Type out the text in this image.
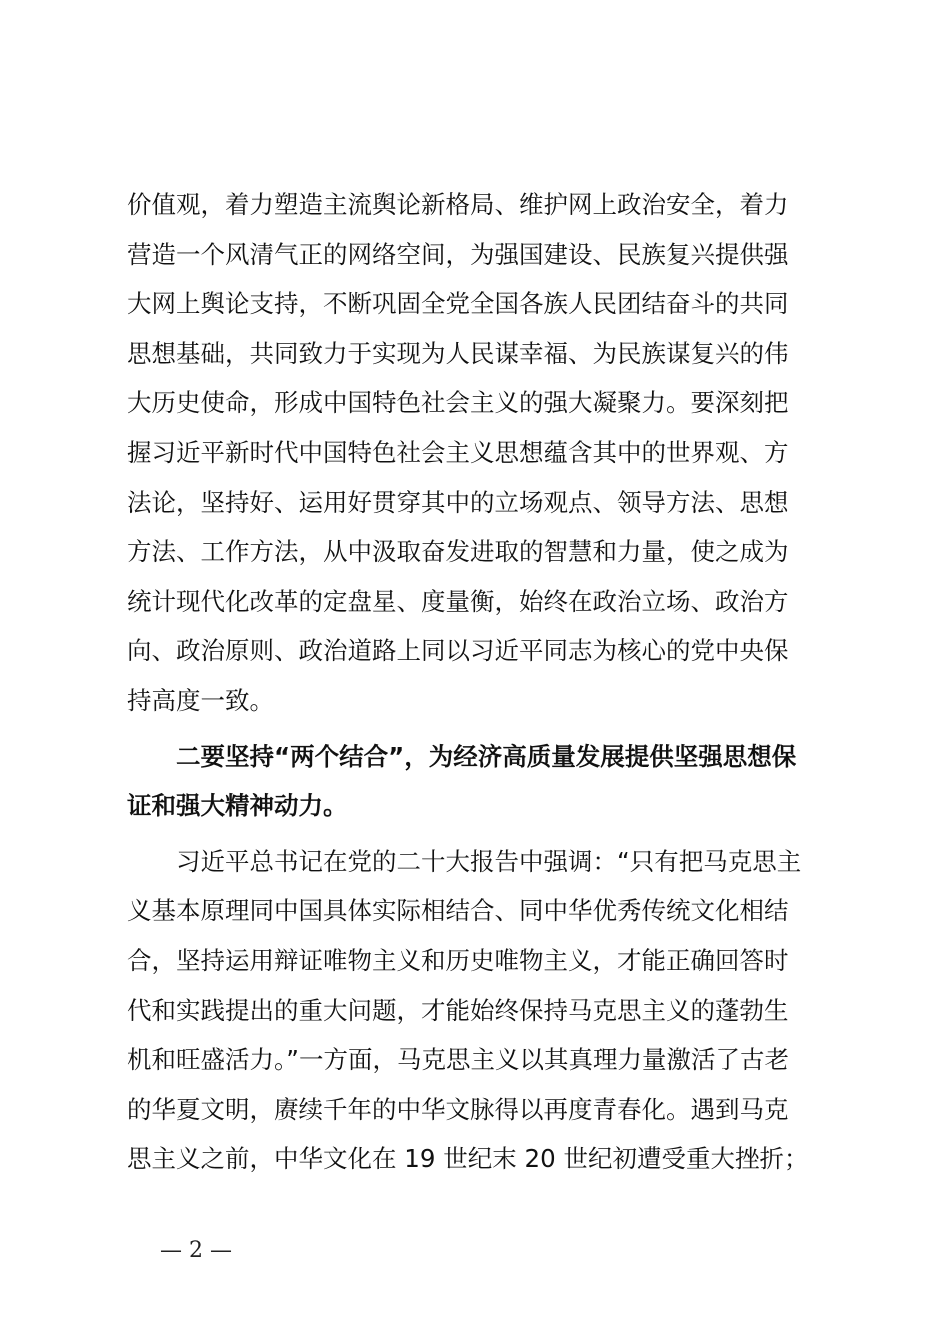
价值观，着力塑造主流舆论新格局、维护网上政治安全，着力
营造一个风清气正的网络空间，为强国建设、民族复兴提供强
大网上舆论支持，不断巩固全党全国各族人民团结奋斗的共同
思想基础，共同致力于实现为人民谋幸福、为民族谋复兴的伟
大历史使命，形成中国特色社会主义的强大凝聚力。要深刻把
握习近平新时代中国特色社会主义思想蕴含其中的世界观、方
法论，坚持好、运用好贯穿其中的立场观点、领导方法、思想
方法、工作方法，从中汲取奋发进取的智慧和力量，使之成为
统计现代化改革的定盘星、度量衡，始终在政治立场、政治方
向、政治原则、政治道路上同以习近平同志为核心的党中央保
持高度一致。
二要坚持“两个结合”，为经济高质量发展提供坚强思想保
证和强大精神动力。
习近平总书记在党的二十大报告中强调：“只有把马克思主
义基本原理同中国具体实际相结合、同中华优秀传统文化相结
合，坚持运用辩证唯物主义和历史唯物主义，才能正确回答时
代和实践提出的重大问题，才能始终保持马克思主义的蓬勃生
机和旺盛活力。”一方面，马克思主义以其真理力量激活了古老
的华夏文明，赓续千年的中华文脉得以再度青春化。遇到马克
思主义之前，中华文化在 19 世纪末 20 世纪初遭受重大挫折；
— 2 —
